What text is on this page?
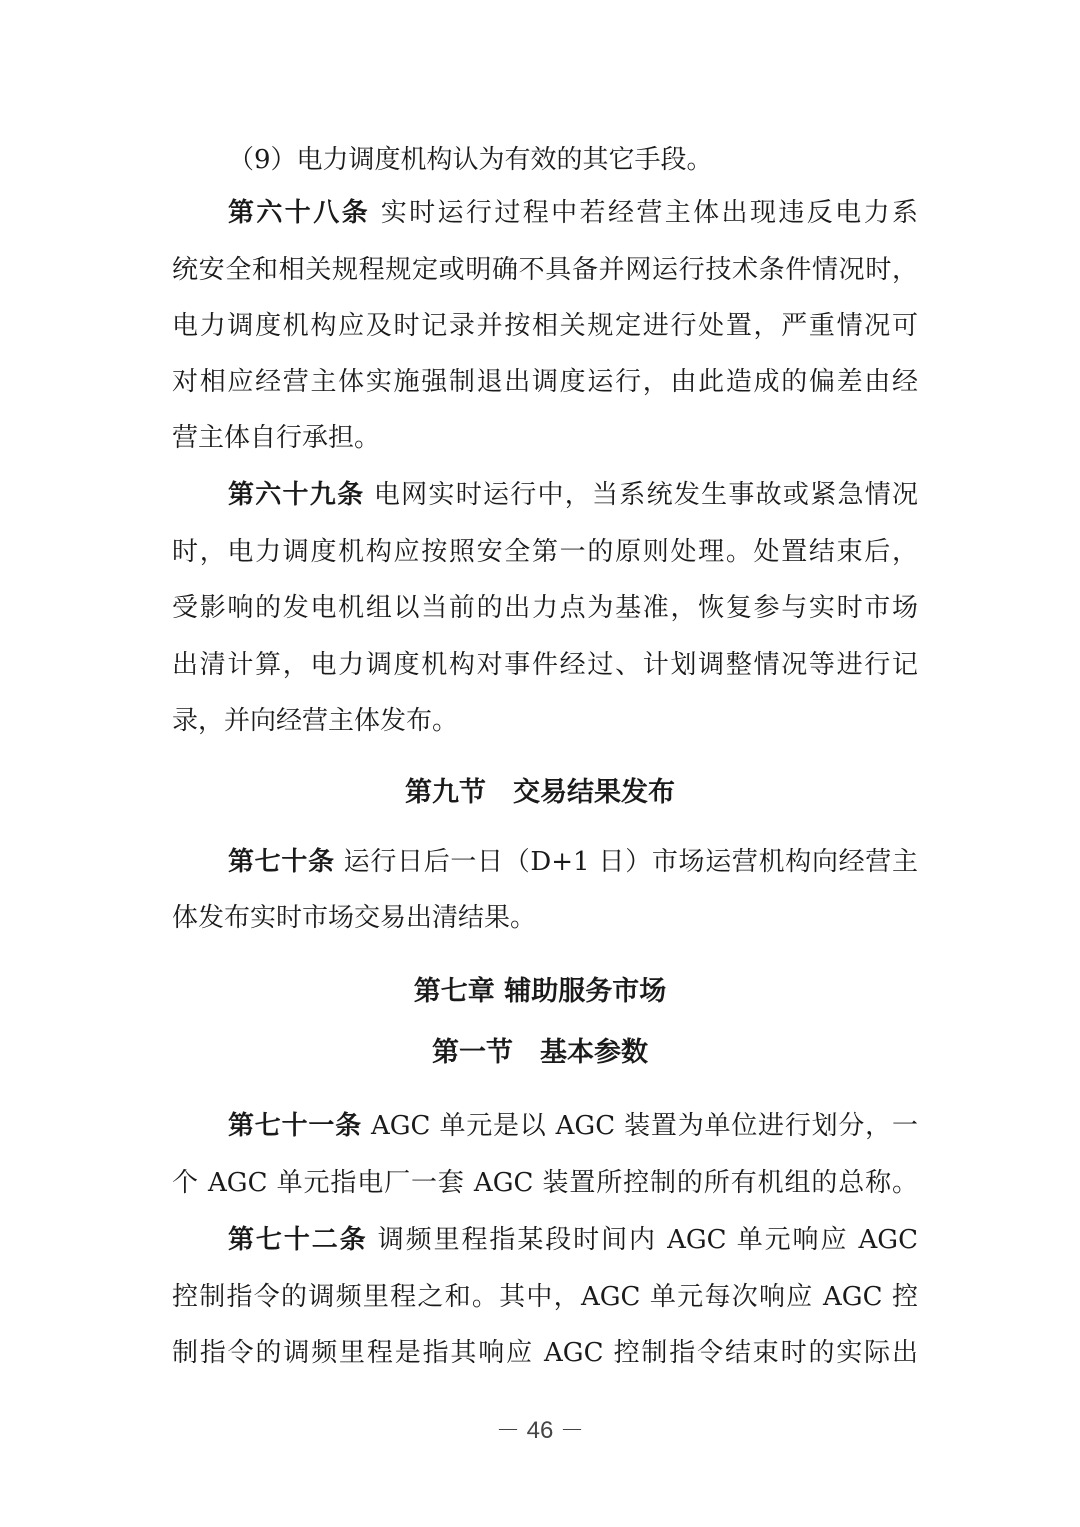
（9）电力调度机构认为有效的其它手段。
第六十八条 实时运行过程中若经营主体出现违反电力系
统安全和相关规程规定或明确不具备并网运行技术条件情况时，
电力调度机构应及时记录并按相关规定进行处置，严重情况可
对相应经营主体实施强制退出调度运行，由此造成的偏差由经
营主体自行承担。
第六十九条 电网实时运行中，当系统发生事故或紧急情况
时，电力调度机构应按照安全第一的原则处理。处置结束后，
受影响的发电机组以当前的出力点为基准，恢复参与实时市场
出清计算，电力调度机构对事件经过、计划调整情况等进行记
录，并向经营主体发布。
第九节　交易结果发布
第七十条 运行日后一日（D+1 日）市场运营机构向经营主
体发布实时市场交易出清结果。
第七章 辅助服务市场
第一节　基本参数
第七十一条 AGC 单元是以 AGC 装置为单位进行划分，一
个 AGC 单元指电厂一套 AGC 装置所控制的所有机组的总称。
第七十二条 调频里程指某段时间内 AGC 单元响应 AGC
控制指令的调频里程之和。其中，AGC 单元每次响应 AGC 控
制指令的调频里程是指其响应 AGC 控制指令结束时的实际出
－ 46 －
